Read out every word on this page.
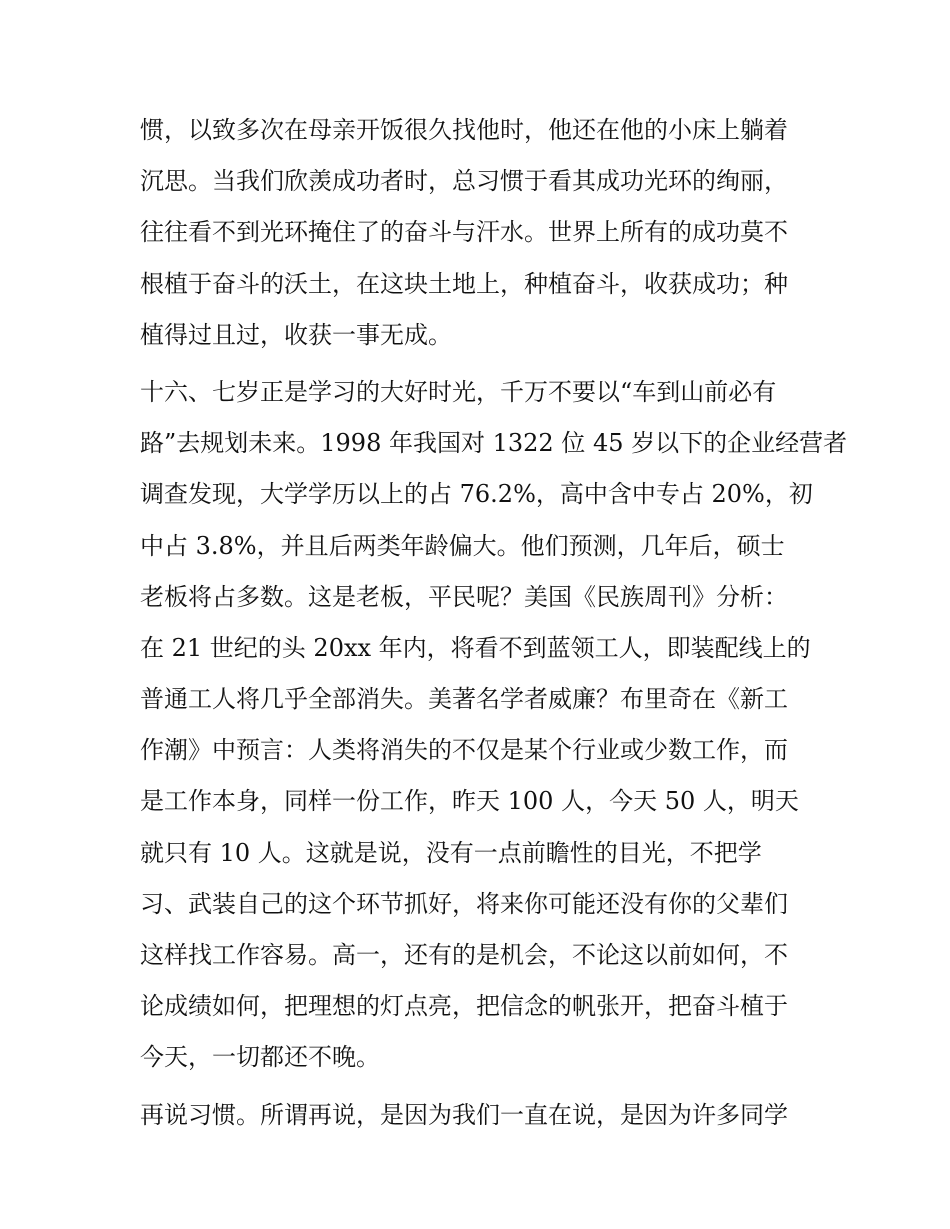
惯，以致多次在母亲开饭很久找他时，他还在他的小床上躺着
沉思。当我们欣羡成功者时，总习惯于看其成功光环的绚丽，
往往看不到光环掩住了的奋斗与汗水。世界上所有的成功莫不
根植于奋斗的沃土，在这块土地上，种植奋斗，收获成功；种
植得过且过，收获一事无成。
十六、七岁正是学习的大好时光，千万不要以“车到山前必有
路”去规划未来。1998 年我国对 1322 位 45 岁以下的企业经营者
调查发现，大学学历以上的占 76.2%，高中含中专占 20%，初
中占 3.8%，并且后两类年龄偏大。他们预测，几年后，硕士
老板将占多数。这是老板，平民呢？美国《民族周刊》分析：
在 21 世纪的头 20xx 年内，将看不到蓝领工人，即装配线上的
普通工人将几乎全部消失。美著名学者威廉？布里奇在《新工
作潮》中预言：人类将消失的不仅是某个行业或少数工作，而
是工作本身，同样一份工作，昨天 100 人，今天 50 人，明天
就只有 10 人。这就是说，没有一点前瞻性的目光，不把学
习、武装自己的这个环节抓好，将来你可能还没有你的父辈们
这样找工作容易。高一，还有的是机会，不论这以前如何，不
论成绩如何，把理想的灯点亮，把信念的帆张开，把奋斗植于
今天，一切都还不晚。
再说习惯。所谓再说，是因为我们一直在说，是因为许多同学
